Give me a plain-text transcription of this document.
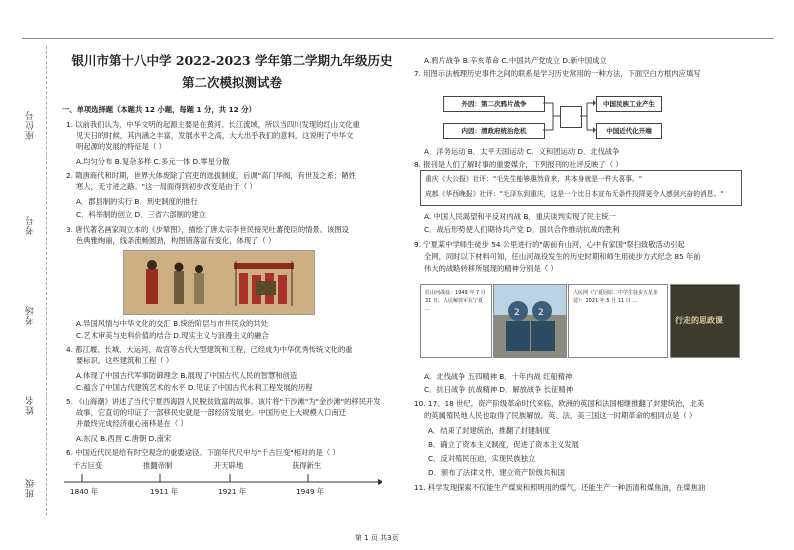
座位号
考号
考场
姓名
班级
银川市第十八中学 2022-2023 学年第二学期九年级历史
第二次模拟测试卷
一、单项选择题（本题共 12 小题，每题 1 分，共 12 分）
1. 以前我们认为，中华文明的起源主要是在黄河、长江流域，所以当四川发现的红山文化重
见天日的时候，其内涵之丰富，发展水平之高，大大出乎我们的意料，这说明了中华文
明起源的发展的特征是（ ）
A.均匀分布 B.复杂多样 C.多元一体 D.零星分散
2. 隋唐商代和时期，世界大体废除了官吏的选拔制度，后调"高门华阀，有世及之系；陋姓
寒人，无寸进之路。"这一局面得到初步改变是由于（ ）
A．郡县制的实行 B．刑史制度的推行
C．科举制的创立 D．三省六部制的建立
3. 唐代著名画家阎立本的《步辇图》，描绘了唐太宗李世民接见吐蕃使臣的情景。该图设
色典雅绚丽，线条流畅圆劲，构图错落富有变化，体现了（ ）
A.异国风情与中华文化的交汇 B.统治阶层与市井民众的共处
C.艺术审美与史料价值的结合 D.现实主义与浪漫主义的融合
4. 都江堰、长城、大运河、故宫等古代大型建筑和工程，已经成为中华优秀传统文化的重
要标识。这些建筑和工程（ ）
A.体现了中国古代军事防御理念 B.展现了中国古代人民的智慧和创造
C.蕴含了中国古代建筑艺术的水平 D.见证了中国古代水利工程发展的历程
5. 《山海潮》讲述了当代宁夏西海固人民脱贫致富的故事。该片将"干沙滩"为"金沙滩"的移民开发
故事，它直切的印证了一部移民史就是一部经济发展史。中国历史上大规模人口南迁
并最终完成经济重心南移是在（ ）
A.东汉 B.西晋 C.唐朝 D.南宋
6. 中国近代民是给有时空观念的重要途径。下面年代尺中与"千古巨变"相对的是（ ）
千古巨变	推翻帝制	开天辟地	获得新生
1840 年	1911 年	1921 年	1949 年
A.鸦片战争 B.辛亥革命 C.中国共产党成立 D.新中国成立
7. 用图示法梳理历史事件之间的联系是学习历史常用的一种方法，下面空白方框内应填写
外因：第二次鸦片战争
内因：清政府统治危机
中国民族工业产生
中国近代化开端
A．洋务运动 B．太平天国运动 C．义和团运动 D．北伐战争
8. 报刊是人们了解时事的重要媒介，下列报刊的社评反映了（ ）
重庆《大公报》社评："毛先生能够惠然肯来，其本身就是一件大喜事。"
成都《华西晚报》社评："毛泽东到重庆，这是一个比日本宣布无条件投降更令人感到兴奋的消息。"
A. 中国人民渴望和平反对内战 B．重庆谈判实现了民主统一
C．战后形势使人们期待共产党 D．国共合作推动抗战的胜利
9. 宁夏某中学师生徒步 54 公里进行的"砺前有山河，心中有家国"祭扫致敬活动引起
全网，同时以下材料可知，任山河战役发生的历史时期和师生用徒步方式纪念 85 年前
伟大的战略转移所展现的精神分别是（ ）
任山河战役：1949 年 7 月 31 日，人民解放军在宁夏 ...	2 2
人民网《宁夏固原二中学生徒步五星步徒》：2021 年 5 月 11 日 ...
行走的思政课
A．北伐战争 五四精神 B．十年内战 红船精神
C．抗日战争 抗战精神 D．解放战争 长征精神
10. 17、18 世纪，资产阶级革命时代来临，欧洲的英国和法国相继推翻了封建统治，北美
的英属殖民地人民也取得了民族解放。英、法、美三国这一时期革命的相同点是（ ）
A．结束了封建统治，推翻了封建制度
B．确立了资本主义制度，促进了资本主义发展
C．反对殖民压迫，实现民族独立
D．颁布了法律文件，建立资产阶级共和国
11. 科学发现探索不仅能生产煤炭和照明用的煤气，还能生产一种沥清和煤焦油，在煤焦油
第 1 页 共3页
